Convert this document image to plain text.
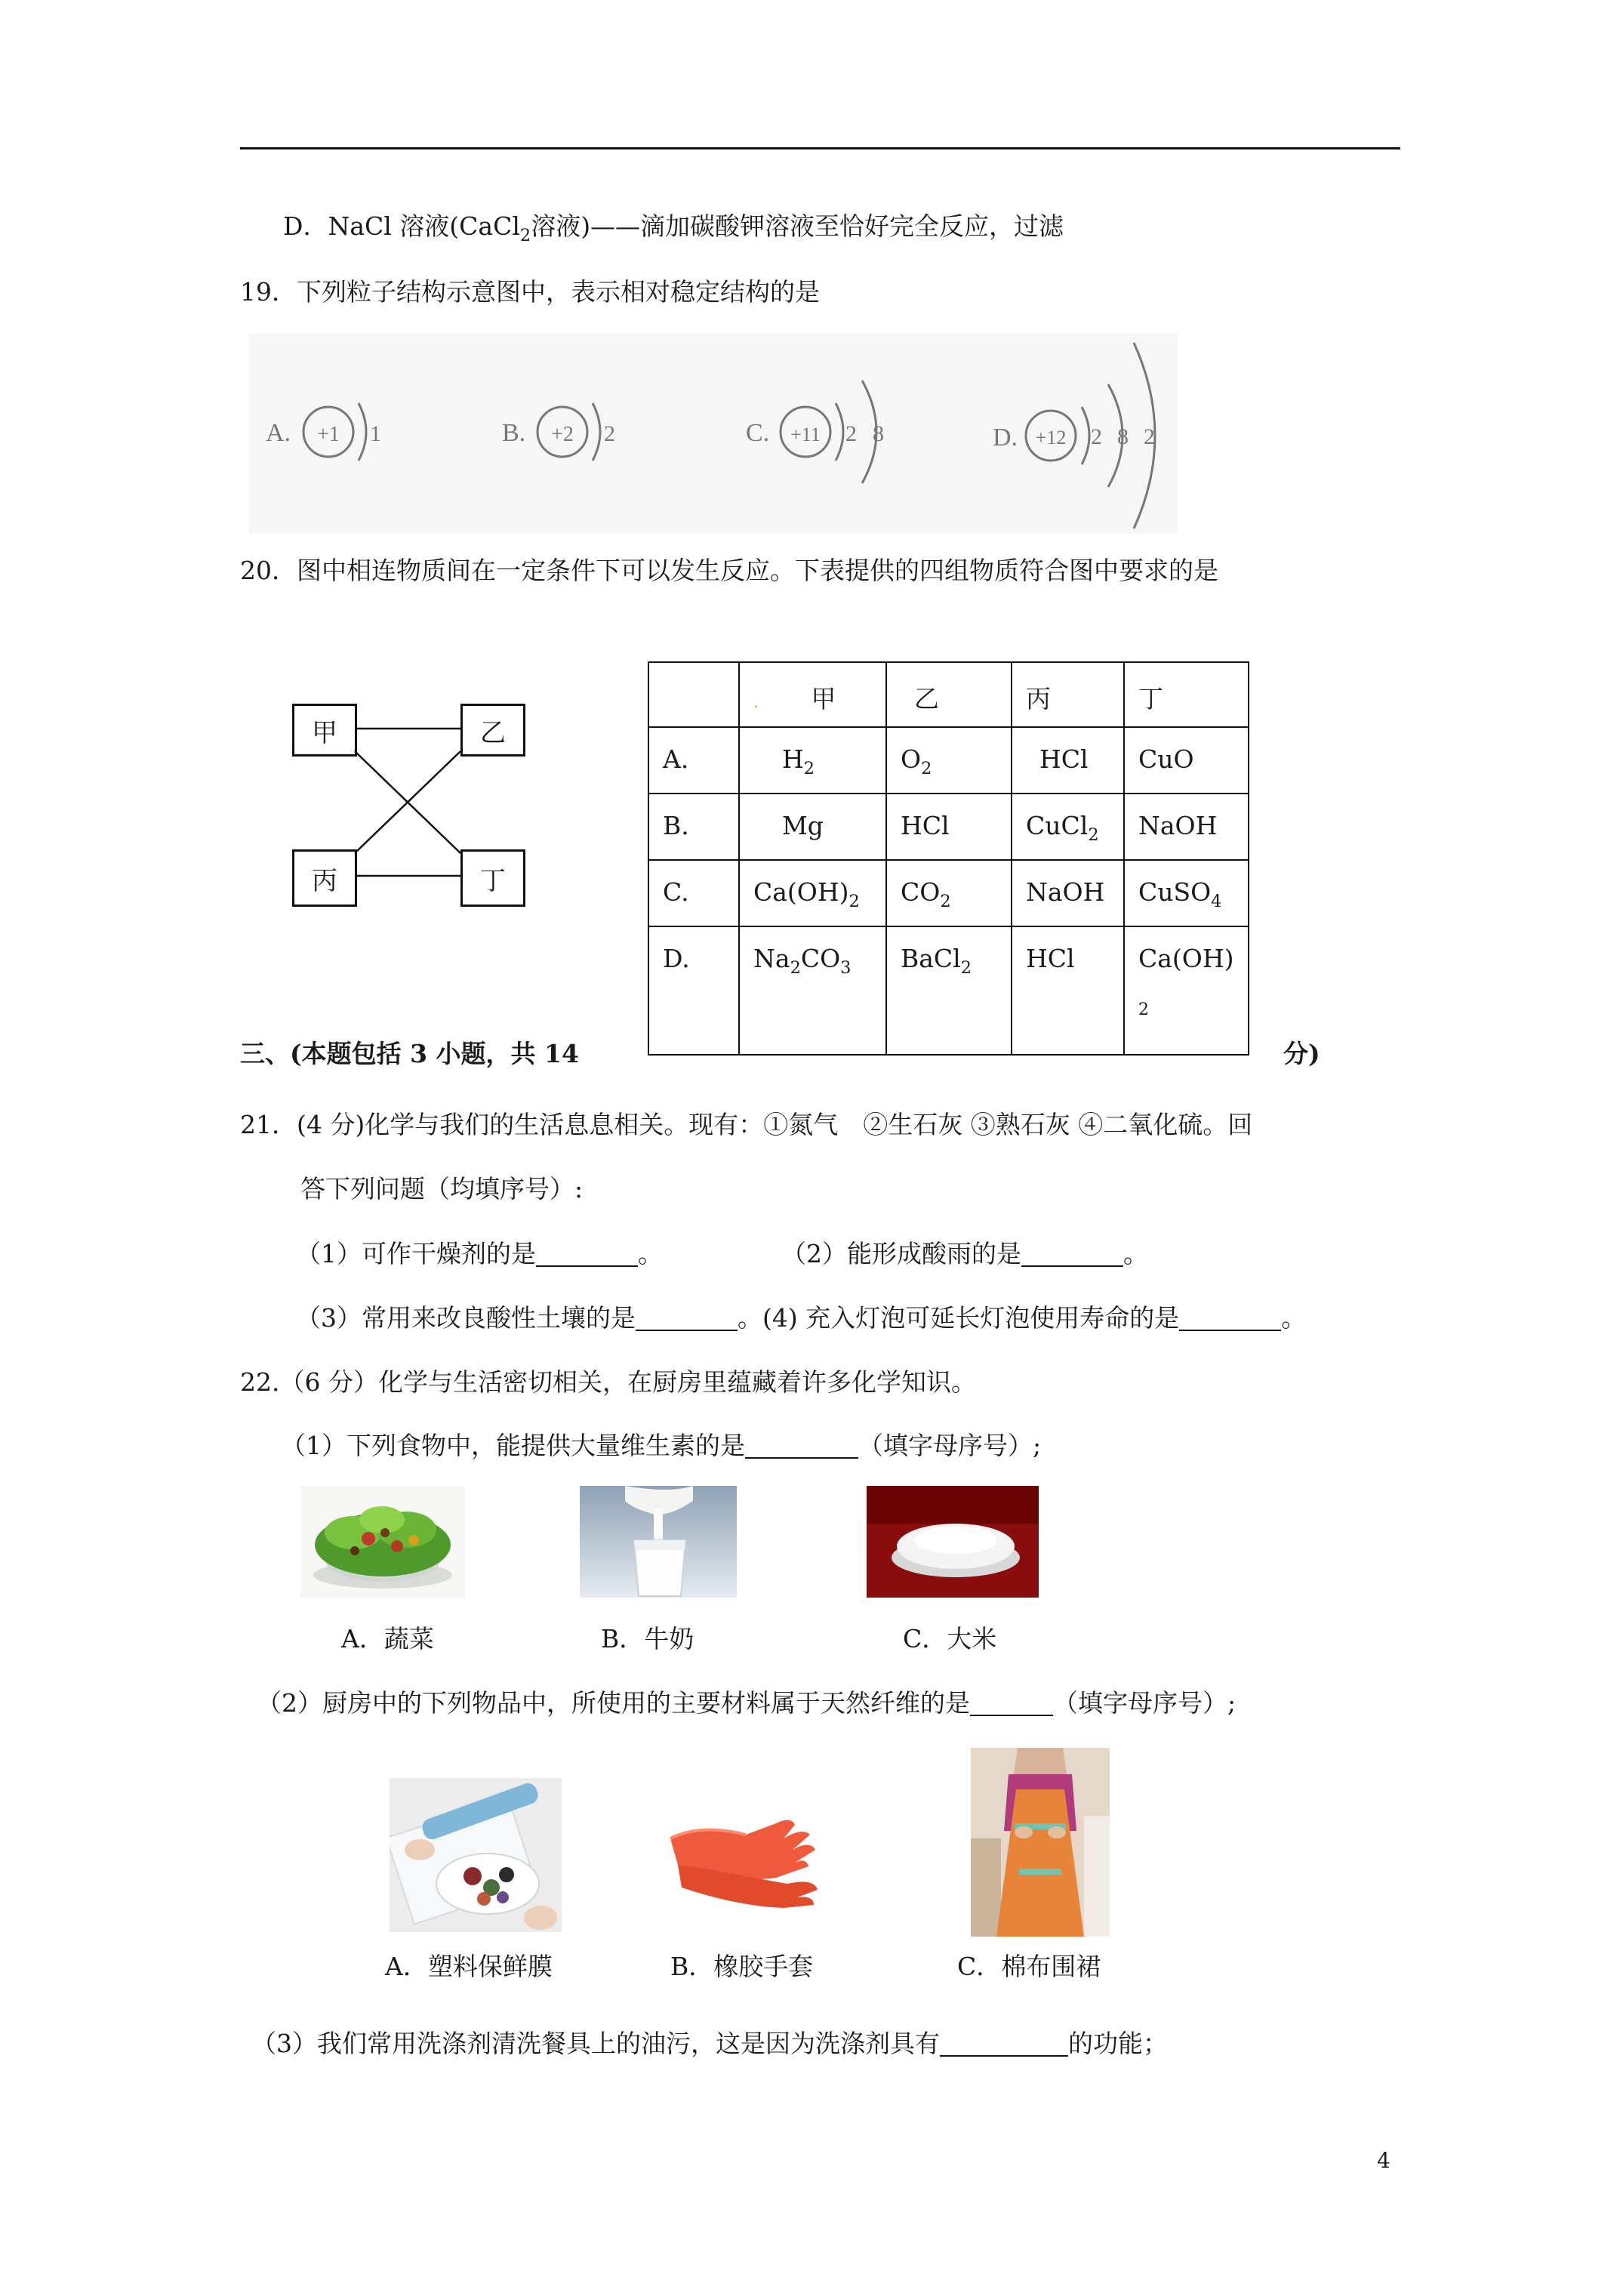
D．NaCl 溶液(CaCl$_2$溶液)——滴加碳酸钾溶液至恰好完全反应，过滤
19．下列粒子结构示意图中，表示相对稳定结构的是
A. +1 1	B. +2 2	C. +11 2 8	D. +12 2 8 2
20．图中相连物质间在一定条件下可以发生反应。下表提供的四组物质符合图中要求的是
甲	乙
丙	丁

	. 甲	乙	丙	丁

A.	$H_2$	$O_2$	HCl	CuO

B.	Mg	HCl	CuCl$_2$	NaOH

C.	$Ca(OH)_2$	$CO_2$	NaOH	CuSO$_4$

D.	$Na_2CO_3$	BaCl$_2$	HCl	Ca(OH)
2
三、(本题包括 3 小题，共 14	分)
21．(4 分)化学与我们的生活息息相关。现有：①氮气　②生石灰 ③熟石灰 ④二氧化硫。回
答下列问题（均填序号）:
（1）可作干燥剂的是	。	（2）能形成酸雨的是	。
（3）常用来改良酸性土壤的是	。(4) 充入灯泡可延长灯泡使用寿命的是	。
22.（6 分）化学与生活密切相关，在厨房里蕴藏着许多化学知识。
（1）下列食物中，能提供大量维生素的是	（填字母序号）;
A．蔬菜	B．牛奶	C．大米
（2）厨房中的下列物品中，所使用的主要材料属于天然纤维的是	（填字母序号）;
A．塑料保鲜膜	B．橡胶手套	C．棉布围裙
（3）我们常用洗涤剂清洗餐具上的油污，这是因为洗涤剂具有	的功能；
4
